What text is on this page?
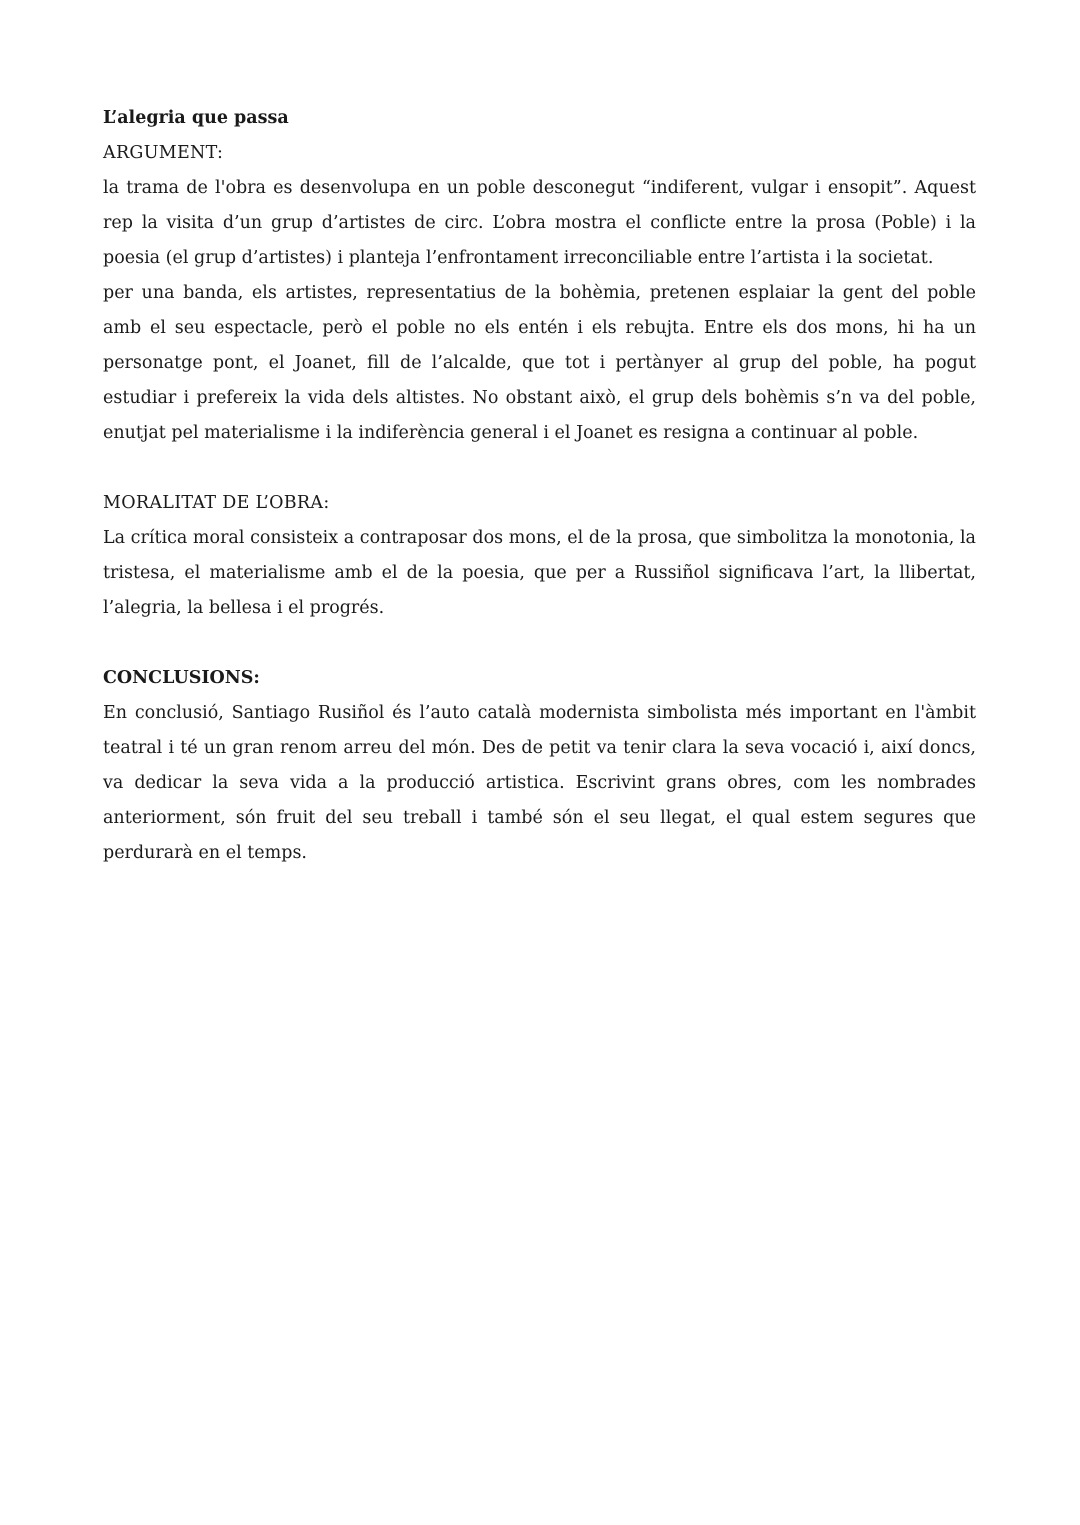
L’alegria que passa

ARGUMENT:

la trama de l'obra es desenvolupa en un poble desconegut “indiferent, vulgar i ensopit”. Aquest rep la visita d’un grup d’artistes de circ. L’obra mostra el conflicte entre la prosa (Poble) i la poesia (el grup d’artistes) i planteja l’enfrontament irreconciliable entre l’artista i la societat.

per una banda, els artistes, representatius de la bohèmia, pretenen esplaiar la gent del poble amb el seu espectacle, però el poble no els entén i els rebujta. Entre els dos mons, hi ha un personatge pont, el Joanet, fill de l’alcalde, que tot i pertànyer al grup del poble, ha pogut estudiar i prefereix la vida dels altistes. No obstant això, el grup dels bohèmis s’n va del poble, enutjat pel materialisme i la indiferència general i el Joanet es resigna a continuar al poble.

MORALITAT DE L’OBRA:

La crítica moral consisteix a contraposar dos mons, el de la prosa, que simbolitza la monotonia, la tristesa, el materialisme amb el de la poesia, que per a Russiñol significava l’art, la llibertat, l’alegria, la bellesa i el progrés.

CONCLUSIONS:

En conclusió, Santiago Rusiñol és l’auto català modernista simbolista més important en l'àmbit teatral i té un gran renom arreu del món. Des de petit va tenir clara la seva vocació i, així doncs, va dedicar la seva vida a la producció artistica. Escrivint grans obres, com les nombrades anteriorment, són fruit del seu treball i també són el seu llegat, el qual estem segures que perdurarà en el temps.
